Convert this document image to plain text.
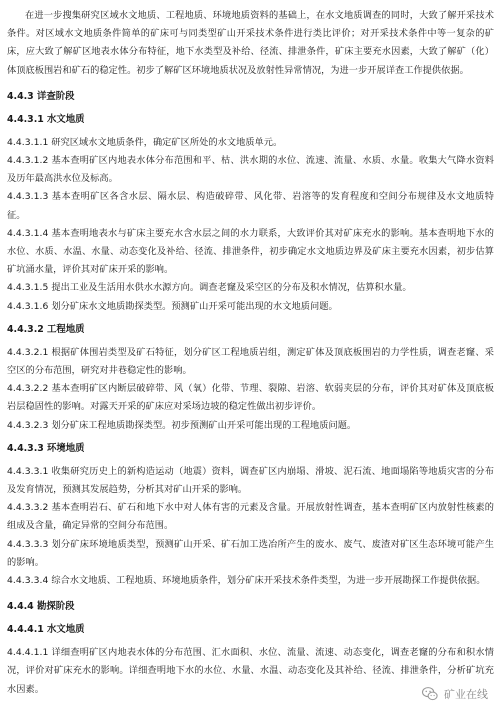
在进一步搜集研究区域水文地质、工程地质、环境地质资料的基础上，在水文地质调查的同时，大致了解开采技术条件。对区域水文地质条件简单的矿床可与同类型矿山开采技术条件进行类比评价；对开采技术条件中等一复杂的矿床，应大致了解矿区地表水体分布特征，地下水类型及补给、径流、排泄条件，矿床主要充水因素，大致了解矿（化）体顶底板围岩和矿石的稳定性。初步了解矿区环境地质状况及放射性异常情况，为进一步开展详查工作提供依据。

4.4.3 详查阶段

4.4.3.1 水文地质

4.4.3.1.1 研究区域水文地质条件，确定矿区所处的水文地质单元。

4.4.3.1.2 基本查明矿区内地表水体分布范围和平、枯、洪水期的水位、流速、流量、水质、水量。收集大气降水资料及历年最高洪水位及标高。

4.4.3.1.3 基本查明矿区各含水层、隔水层、构造破碎带、风化带、岩溶等的发育程度和空间分布规律及水文地质特征。

4.4.3.1.4 基本查明地表水与矿床主要充水含水层之间的水力联系，大致评价其对矿床充水的影响。基本查明地下水的水位、水质、水温、水量、动态变化及补给、径流、排泄条件，初步确定水文地质边界及矿床主要充水因素，初步估算矿坑涌水量，评价其对矿床开采的影响。

4.4.3.1.5 提出工业及生活用水供水水源方向。调查老窿及采空区的分布及积水情况，估算积水量。

4.4.3.1.6 划分矿床水文地质勘探类型。预测矿山开采可能出现的水文地质问题。

4.4.3.2 工程地质

4.4.3.2.1 根据矿体围岩类型及矿石特征，划分矿区工程地质岩组，测定矿体及顶底板围岩的力学性质，调查老窿、采空区的分布范围，研究对井巷稳定性的影响。

4.4.3.2.2 基本查明矿区内断层破碎带、风（氧）化带、节理、裂隙、岩溶、软弱夹层的分布，评价其对矿体及顶底板岩层稳固性的影响。对露天开采的矿床应对采场边坡的稳定性做出初步评价。

4.4.3.2.3 划分矿床工程地质勘探类型。初步预测矿山开采可能出现的工程地质问题。

4.4.3.3 环境地质

4.4.3.3.1 收集研究历史上的新构造运动（地震）资料，调查矿区内崩塌、滑坡、泥石流、地面塌陷等地质灾害的分布及发育情况，预测其发展趋势，分析其对矿山开采的影响。

4.4.3.3.2 基本查明岩石、矿石和地下水中对人体有害的元素及含量。开展放射性调查，基本查明矿区内放射性核素的组成及含量，确定异常的空间分布范围。

4.4.3.3.3 划分矿床环境地质类型，预测矿山开采、矿石加工选冶所产生的废水、废气、废渣对矿区生态环境可能产生的影响。

4.4.3.3.4 综合水文地质、工程地质、环境地质条件，划分矿床开采技术条件类型，为进一步开展勘探工作提供依据。

4.4.4 勘探阶段

4.4.4.1 水文地质

4.4.4.1.1 详细查明矿区内地表水体的分布范围、汇水面积、水位、流量、流速、动态变化，调查老窿的分布和积水情况，评价对矿床充水的影响。详细查明地下水的水位、水量、水温、动态变化及其补给、径流、排泄条件，分析矿坑充水因素。	矿业在线
